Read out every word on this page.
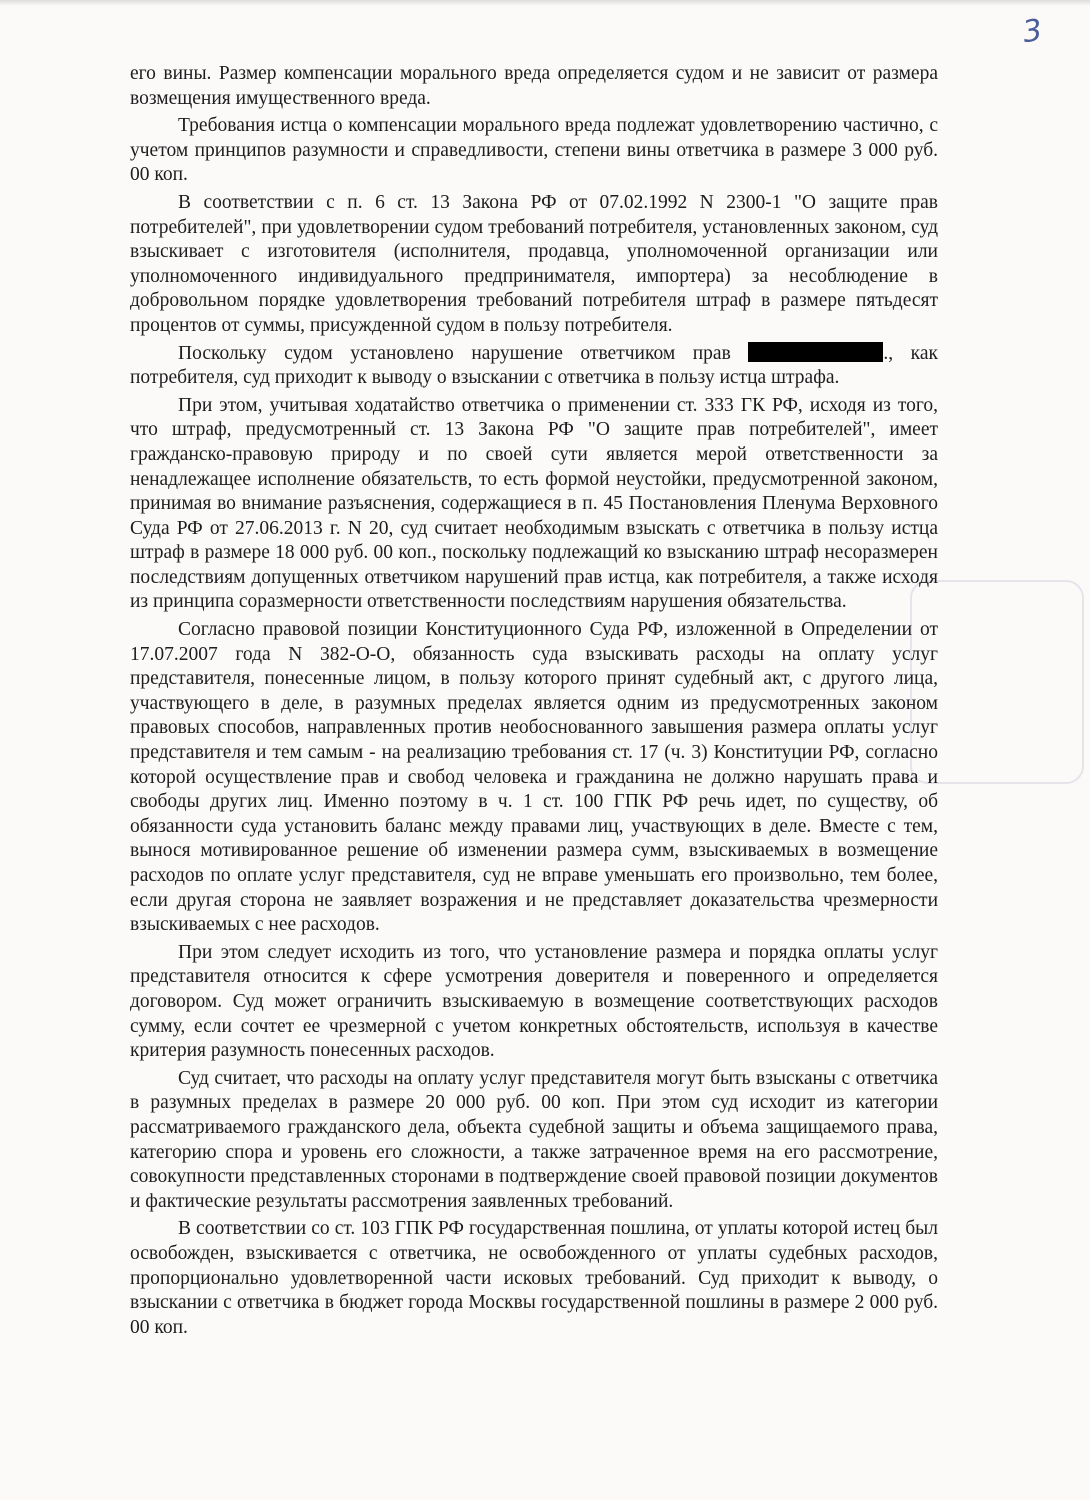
3

его вины. Размер компенсации морального вреда определяется судом и не зависит от размера возмещения имущественного вреда.

Требования истца о компенсации морального вреда подлежат удовлетворению частично, с учетом принципов разумности и справедливости, степени вины ответчика в размере 3 000 руб. 00 коп.

В соответствии с п. 6 ст. 13 Закона РФ от 07.02.1992 N 2300-1 "О защите прав потребителей", при удовлетворении судом требований потребителя, установленных законом, суд взыскивает с изготовителя (исполнителя, продавца, уполномоченной организации или уполномоченного индивидуального предпринимателя, импортера) за несоблюдение в добровольном порядке удовлетворения требований потребителя штраф в размере пятьдесят процентов от суммы, присужденной судом в пользу потребителя.

Поскольку судом установлено нарушение ответчиком прав	., как потребителя, суд приходит к выводу о взыскании с ответчика в пользу истца штрафа.

При этом, учитывая ходатайство ответчика о применении ст. 333 ГК РФ, исходя из того, что штраф, предусмотренный ст. 13 Закона РФ "О защите прав потребителей", имеет гражданско-правовую природу и по своей сути является мерой ответственности за ненадлежащее исполнение обязательств, то есть формой неустойки, предусмотренной законом, принимая во внимание разъяснения, содержащиеся в п. 45 Постановления Пленума Верховного Суда РФ от 27.06.2013 г. N 20, суд считает необходимым взыскать с ответчика в пользу истца штраф в размере 18 000 руб. 00 коп., поскольку подлежащий ко взысканию штраф несоразмерен последствиям допущенных ответчиком нарушений прав истца, как потребителя, а также исходя из принципа соразмерности ответственности последствиям нарушения обязательства.

Согласно правовой позиции Конституционного Суда РФ, изложенной в Определении от 17.07.2007 года N 382-О-О, обязанность суда взыскивать расходы на оплату услуг представителя, понесенные лицом, в пользу которого принят судебный акт, с другого лица, участвующего в деле, в разумных пределах является одним из предусмотренных законом правовых способов, направленных против необоснованного завышения размера оплаты услуг представителя и тем самым - на реализацию требования ст. 17 (ч. 3) Конституции РФ, согласно которой осуществление прав и свобод человека и гражданина не должно нарушать права и свободы других лиц. Именно поэтому в ч. 1 ст. 100 ГПК РФ речь идет, по существу, об обязанности суда установить баланс между правами лиц, участвующих в деле. Вместе с тем, вынося мотивированное решение об изменении размера сумм, взыскиваемых в возмещение расходов по оплате услуг представителя, суд не вправе уменьшать его произвольно, тем более, если другая сторона не заявляет возражения и не представляет доказательства чрезмерности взыскиваемых с нее расходов.

При этом следует исходить из того, что установление размера и порядка оплаты услуг представителя относится к сфере усмотрения доверителя и поверенного и определяется договором. Суд может ограничить взыскиваемую в возмещение соответствующих расходов сумму, если сочтет ее чрезмерной с учетом конкретных обстоятельств, используя в качестве критерия разумность понесенных расходов.

Суд считает, что расходы на оплату услуг представителя могут быть взысканы с ответчика в разумных пределах в размере 20 000 руб. 00 коп. При этом суд исходит из категории рассматриваемого гражданского дела, объекта судебной защиты и объема защищаемого права, категорию спора и уровень его сложности, а также затраченное время на его рассмотрение, совокупности представленных сторонами в подтверждение своей правовой позиции документов и фактические результаты рассмотрения заявленных требований.

В соответствии со ст. 103 ГПК РФ государственная пошлина, от уплаты которой истец был освобожден, взыскивается с ответчика, не освобожденного от уплаты судебных расходов, пропорционально удовлетворенной части исковых требований. Суд приходит к выводу, о взыскании с ответчика в бюджет города Москвы государственной пошлины в размере 2 000 руб. 00 коп.
